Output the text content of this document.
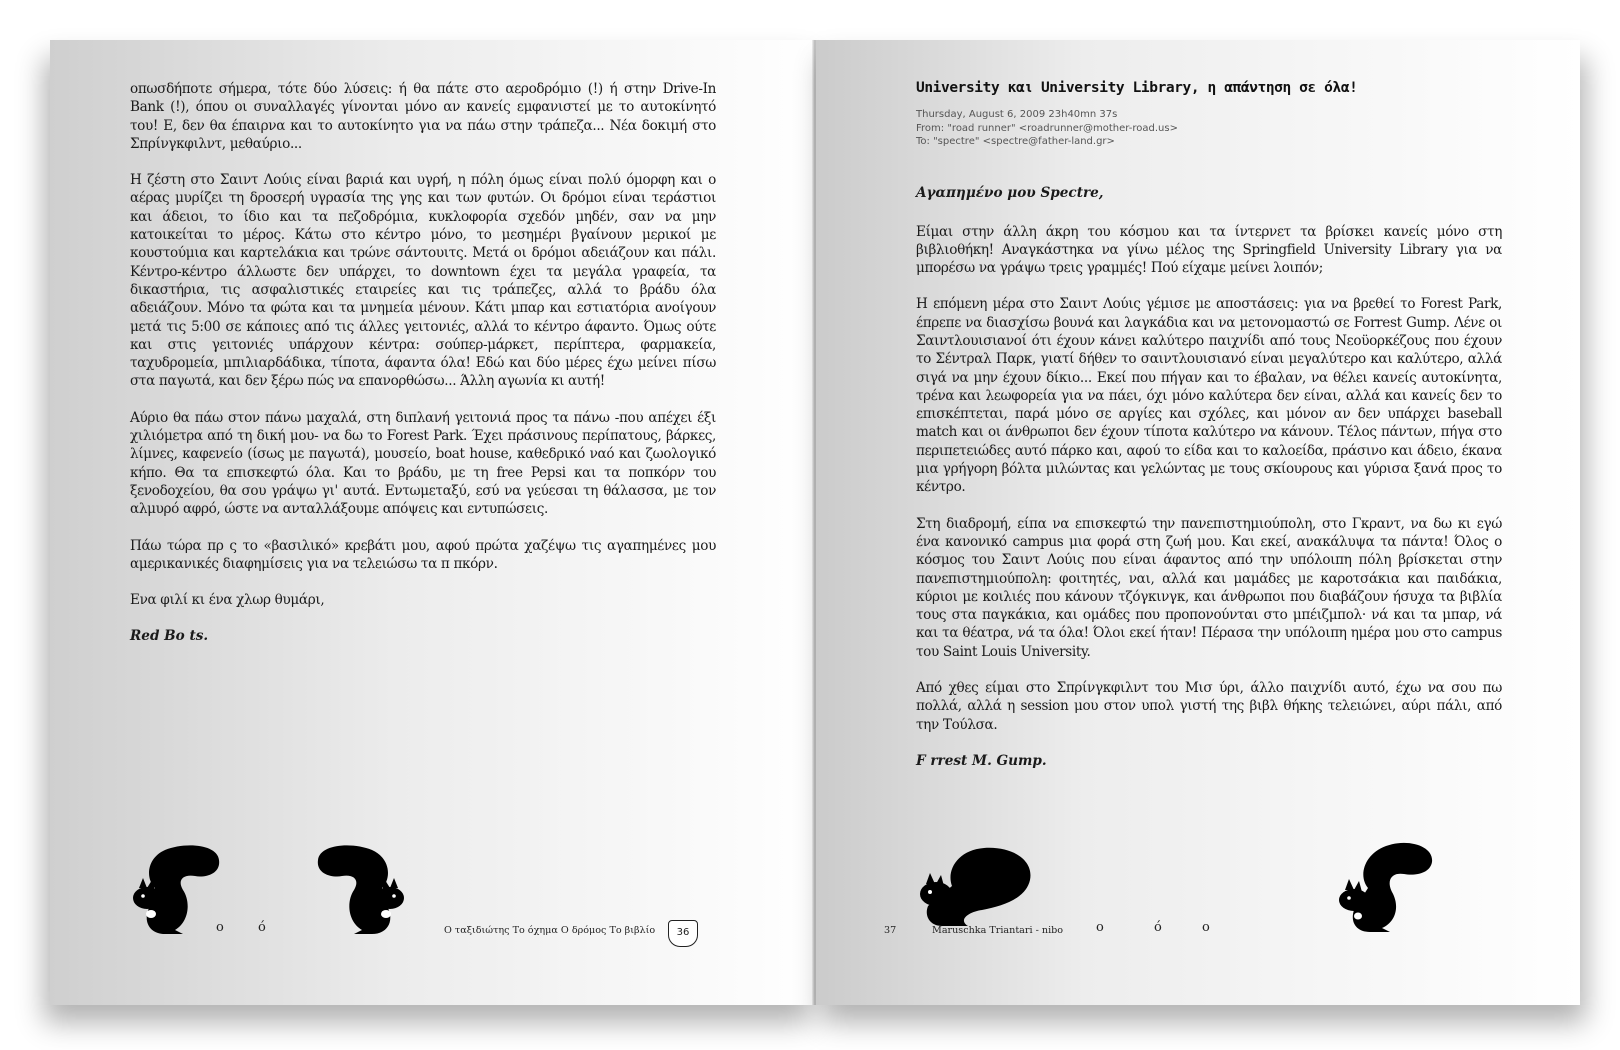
οπωσδήποτε σήμερα, τότε δύο λύσεις: ή θα πάτε στο αεροδρόμιο (!) ή στην Drive-In Bank (!), όπου οι συναλλαγές γίνονται μόνο αν κανείς εμφανιστεί με το αυτοκίνητό του! Ε, δεν θα έπαιρνα και το αυτοκίνητο για να πάω στην τράπεζα... Νέα δοκιμή στο Σπρίνγκφιλντ, μεθαύριο...

Η ζέστη στο Σαιντ Λούις είναι βαριά και υγρή, η πόλη όμως είναι πολύ όμορφη και ο αέρας μυρίζει τη δροσερή υγρασία της γης και των φυτών. Οι δρόμοι είναι τεράστιοι και άδειοι, το ίδιο και τα πεζοδρόμια, κυκλοφορία σχεδόν μηδέν, σαν να μην κατοικείται το μέρος. Κάτω στο κέντρο μόνο, το μεσημέρι βγαίνουν μερικοί με κουστούμια και καρτελάκια και τρώνε σάντουιτς. Μετά οι δρόμοι αδειάζουν και πάλι. Κέντρο-κέντρο άλλωστε δεν υπάρχει, το downtown έχει τα μεγάλα γραφεία, τα δικαστήρια, τις ασφαλιστικές εταιρείες και τις τράπεζες, αλλά το βράδυ όλα αδειάζουν. Μόνο τα φώτα και τα μνημεία μένουν. Κάτι μπαρ και εστιατόρια ανοίγουν μετά τις 5:00 σε κάποιες από τις άλλες γειτονιές, αλλά το κέντρο άφαντο. Όμως ούτε και στις γειτονιές υπάρχουν κέντρα: σούπερ-μάρκετ, περίπτερα, φαρμακεία, ταχυδρομεία, μπιλιαρδάδικα, τίποτα, άφαντα όλα! Εδώ και δύο μέρες έχω μείνει πίσω στα παγωτά, και δεν ξέρω πώς να επανορθώσω... Άλλη αγωνία κι αυτή!

Αύριο θα πάω στον πάνω μαχαλά, στη διπλανή γειτονιά προς τα πάνω -που απέχει έξι χιλιόμετρα από τη δική μου- να δω το Forest Park. Έχει πράσινους περίπατους, βάρκες, λίμνες, καφενείο (ίσως με παγωτά), μουσείο, boat house, καθεδρικό ναό και ζωολογικό κήπο. Θα τα επισκεφτώ όλα. Και το βράδυ, με τη free Pepsi και τα ποπκόρν του ξενοδοχείου, θα σου γράψω γι' αυτά. Εντωμεταξύ, εσύ να γεύεσαι τη θάλασσα, με τον αλμυρό αφρό, ώστε να ανταλλάξουμε απόψεις και εντυπώσεις.

Πάω τώρα πρ ς το «βασιλικό» κρεβάτι μου, αφού πρώτα χαζέψω τις αγαπημένες μου αμερικανικές διαφημίσεις για να τελειώσω τα π πκόρν.

Ενα φιλί κι ένα χλωρ θυμάρι,

Red Bo ts.

ο	ό	Ο ταξιδιώτης Το όχημα Ο δρόμος Το βιβλίο	36
University και University Library, η απάντηση σε όλα!
Thursday, August 6, 2009 23h40mn 37s
From: "road runner" <roadrunner@mother-road.us>
To: "spectre" <spectre@father-land.gr>

Αγαπημένο μου Spectre,

Είμαι στην άλλη άκρη του κόσμου και τα ίντερνετ τα βρίσκει κανείς μόνο στη βιβλιοθήκη! Αναγκάστηκα να γίνω μέλος της Springfield University Library για να μπορέσω να γράψω τρεις γραμμές! Πού είχαμε μείνει λοιπόν;

Η επόμενη μέρα στο Σαιντ Λούις γέμισε με αποστάσεις: για να βρεθεί το Forest Park, έπρεπε να διασχίσω βουνά και λαγκάδια και να μετονομαστώ σε Forrest Gump. Λένε οι Σαιντλουισιανοί ότι έχουν κάνει καλύτερο παιχνίδι από τους Νεοϋορκέζους που έχουν το Σέντραλ Παρκ, γιατί δήθεν το σαιντλουισιανό είναι μεγαλύτερο και καλύτερο, αλλά σιγά να μην έχουν δίκιο... Εκεί που πήγαν και το έβαλαν, να θέλει κανείς αυτοκίνητα, τρένα και λεωφορεία για να πάει, όχι μόνο καλύτερα δεν είναι, αλλά και κανείς δεν το επισκέπτεται, παρά μόνο σε αργίες και σχόλες, και μόνον αν δεν υπάρχει baseball match και οι άνθρωποι δεν έχουν τίποτα καλύτερο να κάνουν. Τέλος πάντων, πήγα στο περιπετειώδες αυτό πάρκο και, αφού το είδα και το καλοείδα, πράσινο και άδειο, έκανα μια γρήγορη βόλτα μιλώντας και γελώντας με τους σκίουρους και γύρισα ξανά προς το κέντρο.

Στη διαδρομή, είπα να επισκεφτώ την πανεπιστημιούπολη, στο Γκραντ, να δω κι εγώ ένα κανονικό campus μια φορά στη ζωή μου. Και εκεί, ανακάλυψα τα πάντα! Όλος ο κόσμος του Σαιντ Λούις που είναι άφαντος από την υπόλοιπη πόλη βρίσκεται στην πανεπιστημιούπολη: φοιτητές, ναι, αλλά και μαμάδες με καροτσάκια και παιδάκια, κύριοι με κοιλιές που κάνουν τζόγκινγκ, και άνθρωποι που διαβάζουν ήσυχα τα βιβλία τους στα παγκάκια, και ομάδες που προπονούνται στο μπέιζμπολ· νά και τα μπαρ, νά και τα θέατρα, νά τα όλα! Όλοι εκεί ήταν! Πέρασα την υπόλοιπη ημέρα μου στο campus του Saint Louis University.

Από χθες είμαι στο Σπρίνγκφιλντ του Μισ ύρι, άλλο παιχνίδι αυτό, έχω να σου πω πολλά, αλλά η session μου στον υπολ γιστή της βιβλ θήκης τελειώνει, αύρι πάλι, από την Τούλσα.

F rrest M. Gump.

37	Maruschka Triantari - nibo	ο	ό	ο
